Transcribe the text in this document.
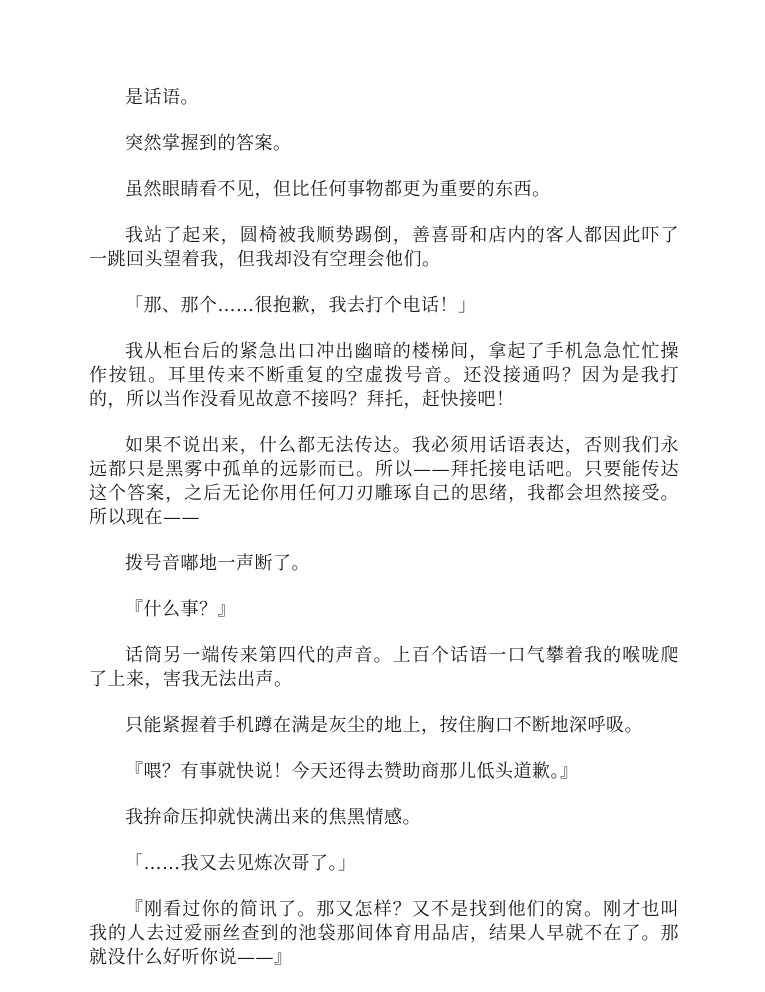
是话语。

突然掌握到的答案。

虽然眼睛看不见，但比任何事物都更为重要的东西。

我站了起来，圆椅被我顺势踢倒，善喜哥和店内的客人都因此吓了一跳回头望着我，但我却没有空理会他们。

「那、那个……很抱歉，我去打个电话！」

我从柜台后的紧急出口冲出幽暗的楼梯间，拿起了手机急急忙忙操作按钮。耳里传来不断重复的空虚拨号音。还没接通吗？因为是我打的，所以当作没看见故意不接吗？拜托，赶快接吧！

如果不说出来，什么都无法传达。我必须用话语表达，否则我们永远都只是黑雾中孤单的远影而已。所以——拜托接电话吧。只要能传达这个答案，之后无论你用任何刀刃雕琢自己的思绪，我都会坦然接受。所以现在——

拨号音嘟地一声断了。

『什么事？』

话筒另一端传来第四代的声音。上百个话语一口气攀着我的喉咙爬了上来，害我无法出声。

只能紧握着手机蹲在满是灰尘的地上，按住胸口不断地深呼吸。

『喂？有事就快说！今天还得去赞助商那儿低头道歉。』

我拚命压抑就快满出来的焦黑情感。

「……我又去见炼次哥了。」

『刚看过你的简讯了。那又怎样？又不是找到他们的窝。刚才也叫我的人去过爱丽丝查到的池袋那间体育用品店，结果人早就不在了。那就没什么好听你说——』
